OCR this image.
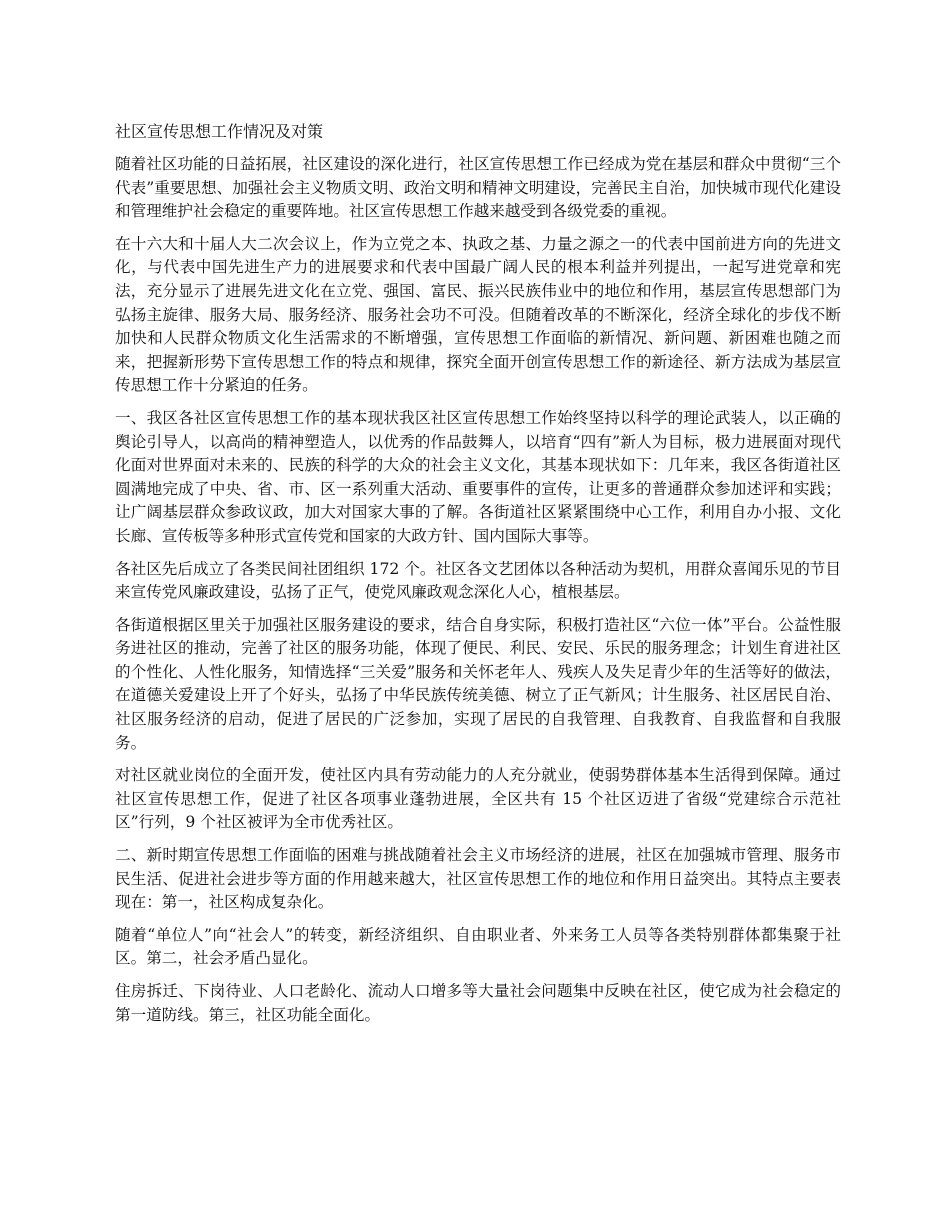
社区宣传思想工作情况及对策

随着社区功能的日益拓展，社区建设的深化进行，社区宣传思想工作已经成为党在基层和群众中贯彻“三个代表”重要思想、加强社会主义物质文明、政治文明和精神文明建设，完善民主自治，加快城市现代化建设和管理维护社会稳定的重要阵地。社区宣传思想工作越来越受到各级党委的重视。

在十六大和十届人大二次会议上，作为立党之本、执政之基、力量之源之一的代表中国前进方向的先进文化，与代表中国先进生产力的进展要求和代表中国最广阔人民的根本利益并列提出，一起写进党章和宪法，充分显示了进展先进文化在立党、强国、富民、振兴民族伟业中的地位和作用，基层宣传思想部门为弘扬主旋律、服务大局、服务经济、服务社会功不可没。但随着改革的不断深化，经济全球化的步伐不断加快和人民群众物质文化生活需求的不断增强，宣传思想工作面临的新情况、新问题、新困难也随之而来，把握新形势下宣传思想工作的特点和规律，探究全面开创宣传思想工作的新途径、新方法成为基层宣传思想工作十分紧迫的任务。

一、我区各社区宣传思想工作的基本现状我区社区宣传思想工作始终坚持以科学的理论武装人，以正确的舆论引导人，以高尚的精神塑造人，以优秀的作品鼓舞人，以培育“四有”新人为目标，极力进展面对现代化面对世界面对未来的、民族的科学的大众的社会主义文化，其基本现状如下：几年来，我区各街道社区圆满地完成了中央、省、市、区一系列重大活动、重要事件的宣传，让更多的普通群众参加述评和实践；让广阔基层群众参政议政，加大对国家大事的了解。各街道社区紧紧围绕中心工作，利用自办小报、文化长廊、宣传板等多种形式宣传党和国家的大政方针、国内国际大事等。

各社区先后成立了各类民间社团组织 172 个。社区各文艺团体以各种活动为契机，用群众喜闻乐见的节目来宣传党风廉政建设，弘扬了正气，使党风廉政观念深化人心，植根基层。

各街道根据区里关于加强社区服务建设的要求，结合自身实际，积极打造社区“六位一体”平台。公益性服务进社区的推动，完善了社区的服务功能，体现了便民、利民、安民、乐民的服务理念；计划生育进社区的个性化、人性化服务，知情选择“三关爱”服务和关怀老年人、残疾人及失足青少年的生活等好的做法，在道德关爱建设上开了个好头，弘扬了中华民族传统美德、树立了正气新风；计生服务、社区居民自治、社区服务经济的启动，促进了居民的广泛参加，实现了居民的自我管理、自我教育、自我监督和自我服务。

对社区就业岗位的全面开发，使社区内具有劳动能力的人充分就业，使弱势群体基本生活得到保障。通过社区宣传思想工作，促进了社区各项事业蓬勃进展，全区共有 15 个社区迈进了省级“党建综合示范社区”行列，9 个社区被评为全市优秀社区。

二、新时期宣传思想工作面临的困难与挑战随着社会主义市场经济的进展，社区在加强城市管理、服务市民生活、促进社会进步等方面的作用越来越大，社区宣传思想工作的地位和作用日益突出。其特点主要表现在：第一，社区构成复杂化。

随着“单位人”向“社会人”的转变，新经济组织、自由职业者、外来务工人员等各类特别群体都集聚于社区。第二，社会矛盾凸显化。

住房拆迁、下岗待业、人口老龄化、流动人口增多等大量社会问题集中反映在社区，使它成为社会稳定的第一道防线。第三，社区功能全面化。
